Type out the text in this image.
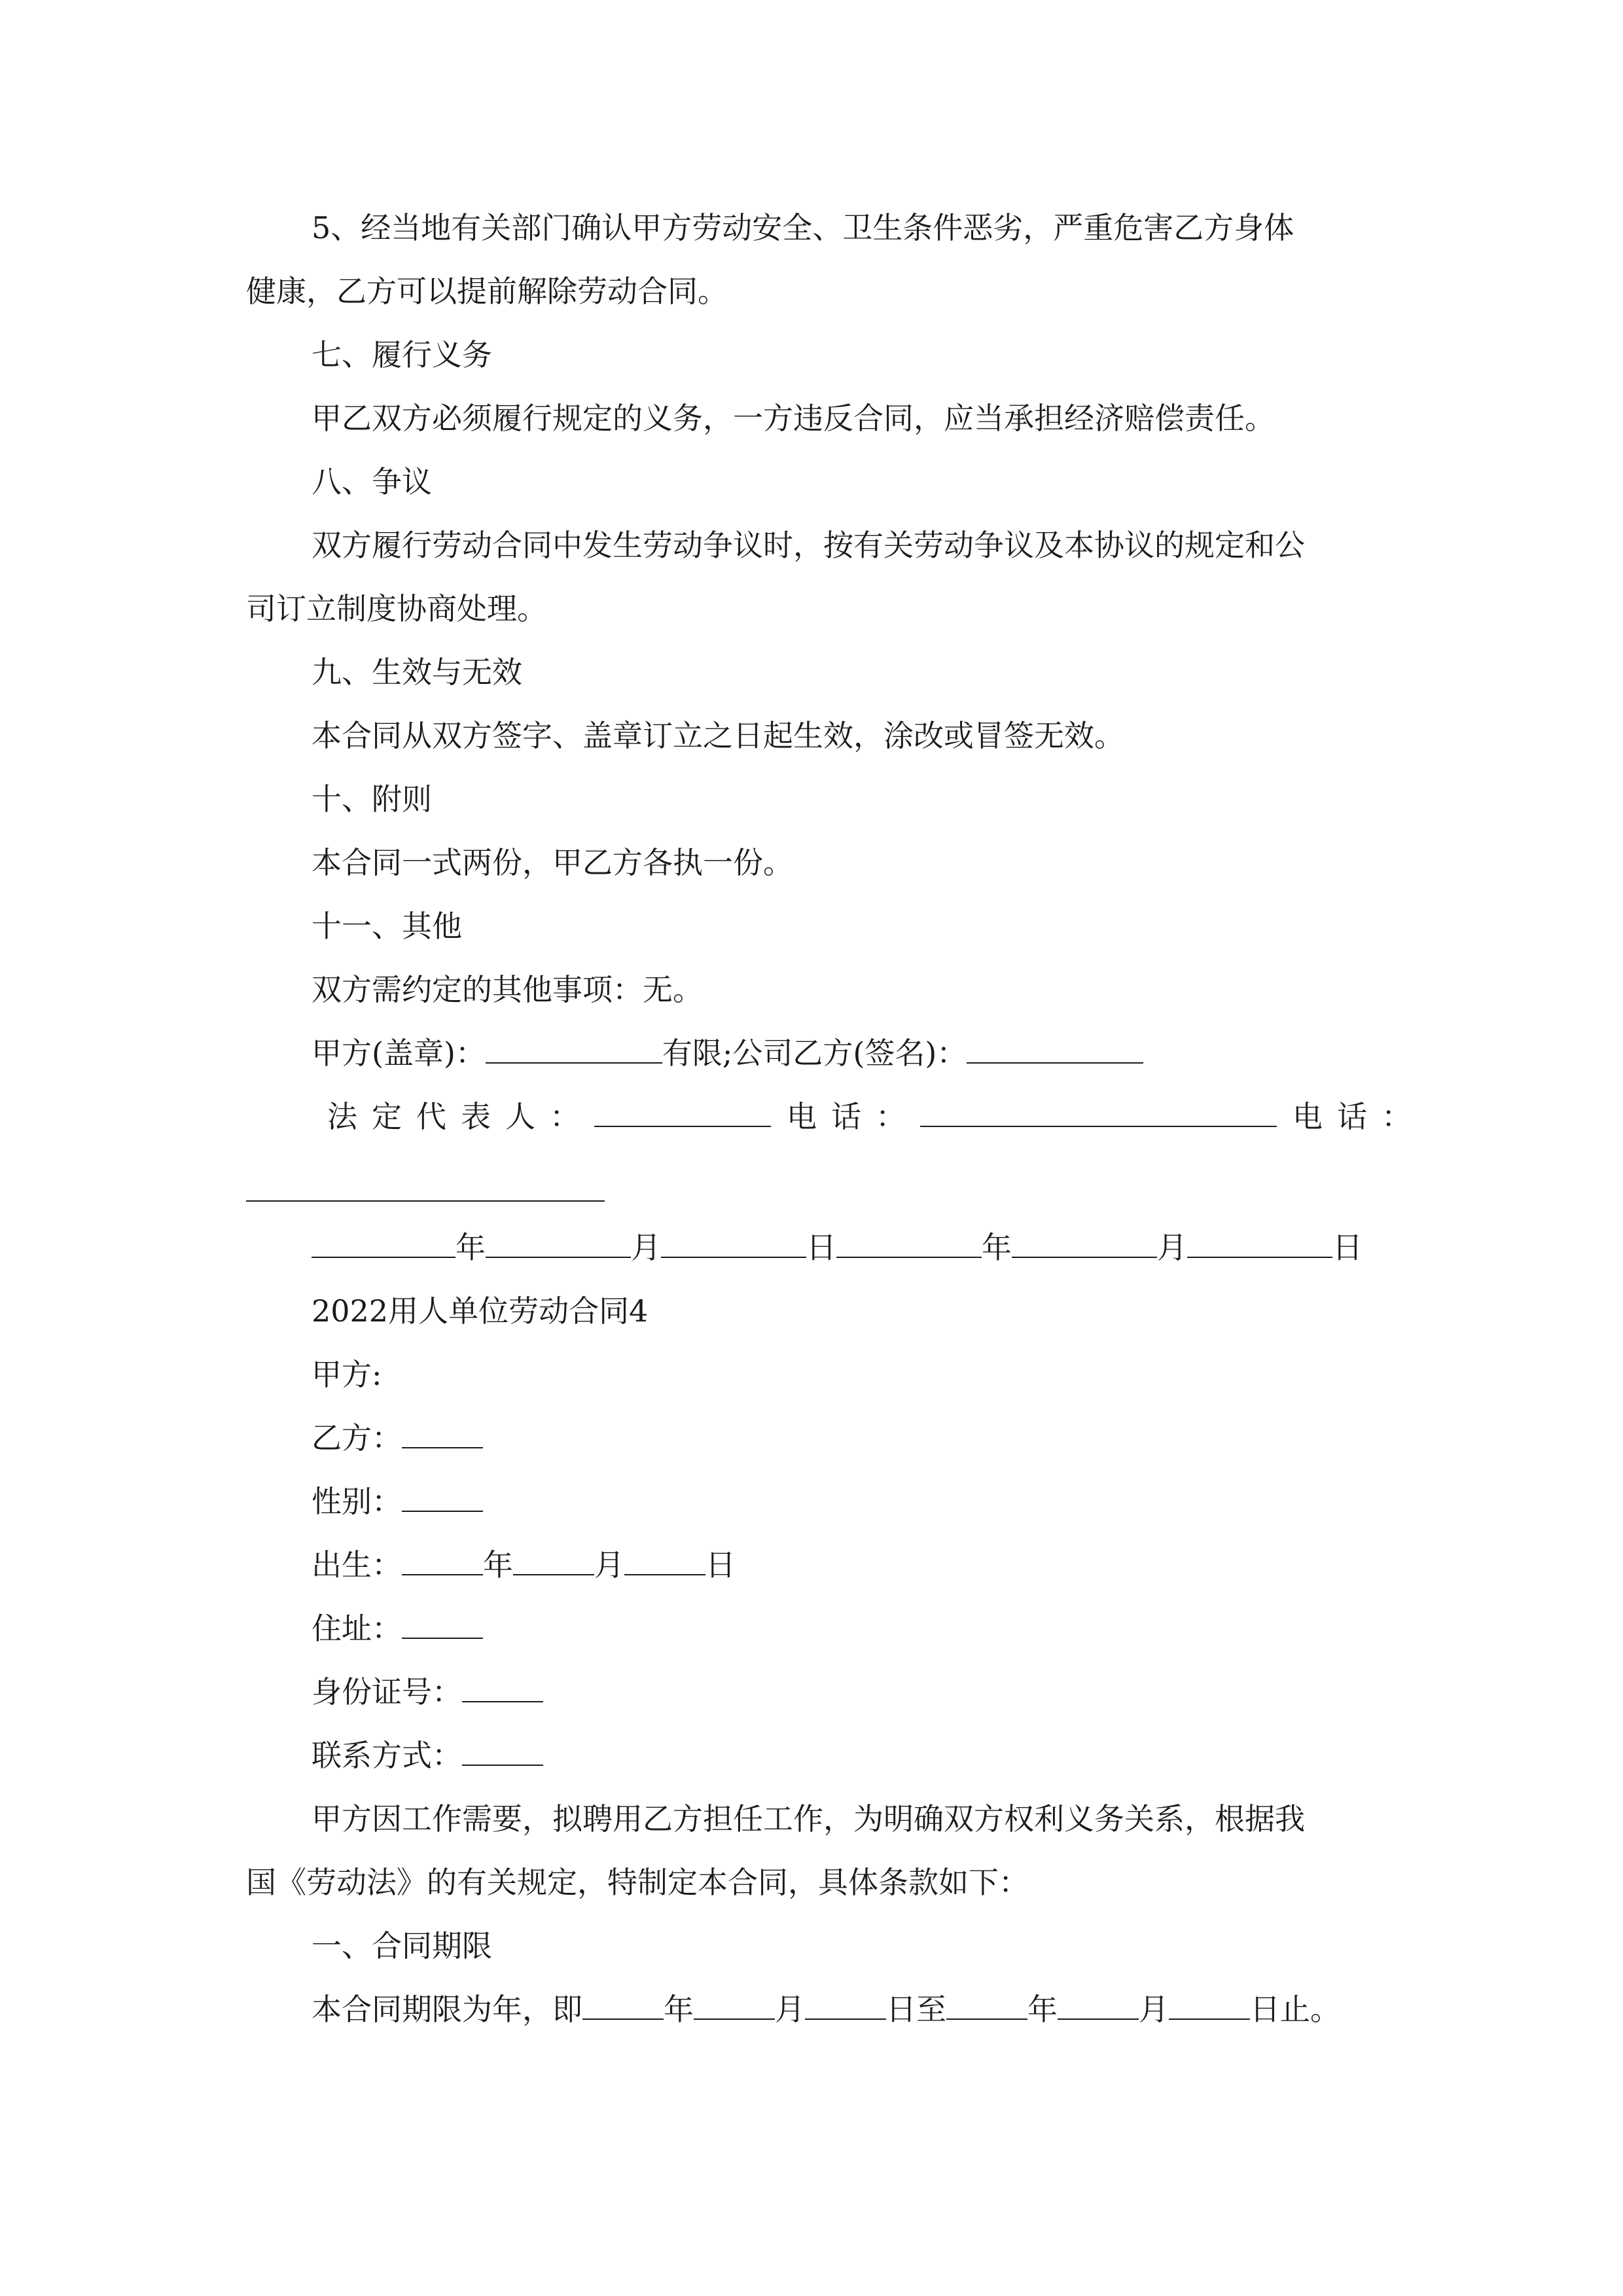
5、经当地有关部门确认甲方劳动安全、卫生条件恶劣，严重危害乙方身体
健康，乙方可以提前解除劳动合同。
七、履行义务
甲乙双方必须履行规定的义务，一方违反合同，应当承担经济赔偿责任。
八、争议
双方履行劳动合同中发生劳动争议时，按有关劳动争议及本协议的规定和公
司订立制度协商处理。
九、生效与无效
本合同从双方签字、盖章订立之日起生效，涂改或冒签无效。
十、附则
本合同一式两份，甲乙方各执一份。
十一、其他
双方需约定的其他事项：无。
甲方(盖章)：	有限;公司乙方(签名)：
法定代表人：	电话：	电话：
年	月	日	年	月	日
2022用人单位劳动合同4
甲方:
乙方：
性别：
出生：	年	月	日
住址：
身份证号：
联系方式：
甲方因工作需要，拟聘用乙方担任工作，为明确双方权利义务关系，根据我
国《劳动法》的有关规定，特制定本合同，具体条款如下：
一、合同期限
本合同期限为年，即	年	月	日至	年	月	日止。
